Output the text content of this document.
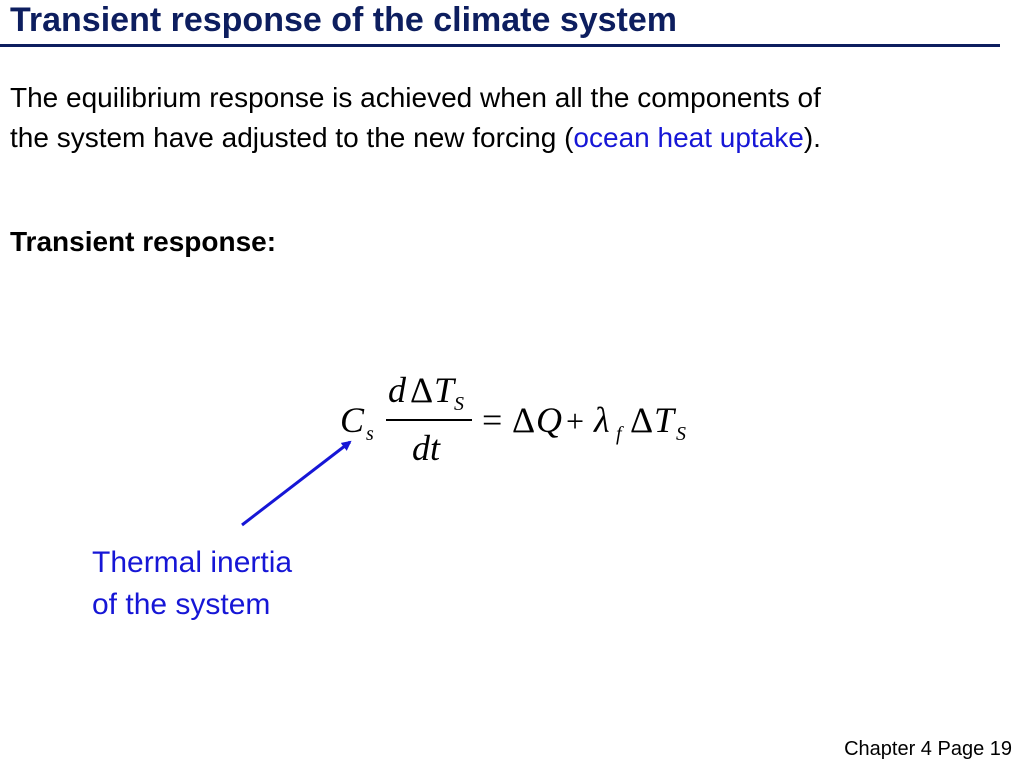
Transient response of the climate system
The equilibrium response is achieved when all the components of
the system have adjusted to the new forcing (ocean heat uptake).
Transient response:
C s
d Δ T S
dt
= Δ Q + λ f Δ T S
Thermal inertia
of the system
Chapter 4 Page 19
